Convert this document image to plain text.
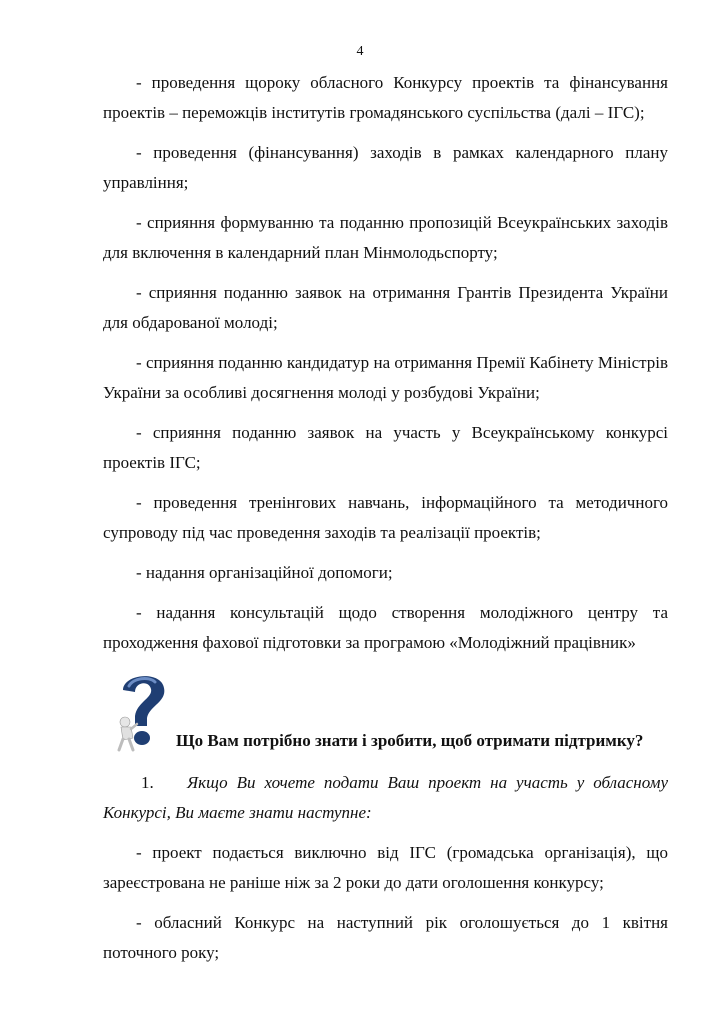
4

- проведення щороку обласного Конкурсу проектів та фінансування проектів – переможців інститутів громадянського суспільства (далі – ІГС);

- проведення (фінансування) заходів в рамках календарного плану управління;

- сприяння формуванню та поданню пропозицій Всеукраїнських заходів для включення в календарний план Мінмолодьспорту;

- сприяння поданню заявок на отримання Грантів Президента України для обдарованої молоді;

- сприяння поданню кандидатур на отримання Премії Кабінету Міністрів України за особливі досягнення молоді у розбудові України;

- сприяння поданню заявок на участь у Всеукраїнському конкурсі проектів ІГС;

- проведення тренінгових навчань, інформаційного та методичного супроводу під час проведення заходів та реалізації проектів;

- надання організаційної допомоги;

- надання консультацій щодо створення молодіжного центру та проходження фахової підготовки за програмою «Молодіжний працівник»

Що Вам потрібно знати і зробити, щоб отримати підтримку?

1. Якщо Ви хочете подати Ваш проект на участь у обласному Конкурсі, Ви маєте знати наступне:

- проект подається виключно від ІГС (громадська організація), що зареєстрована не раніше ніж за 2 роки до дати оголошення конкурсу;

- обласний Конкурс на наступний рік оголошується до 1 квітня поточного року;
